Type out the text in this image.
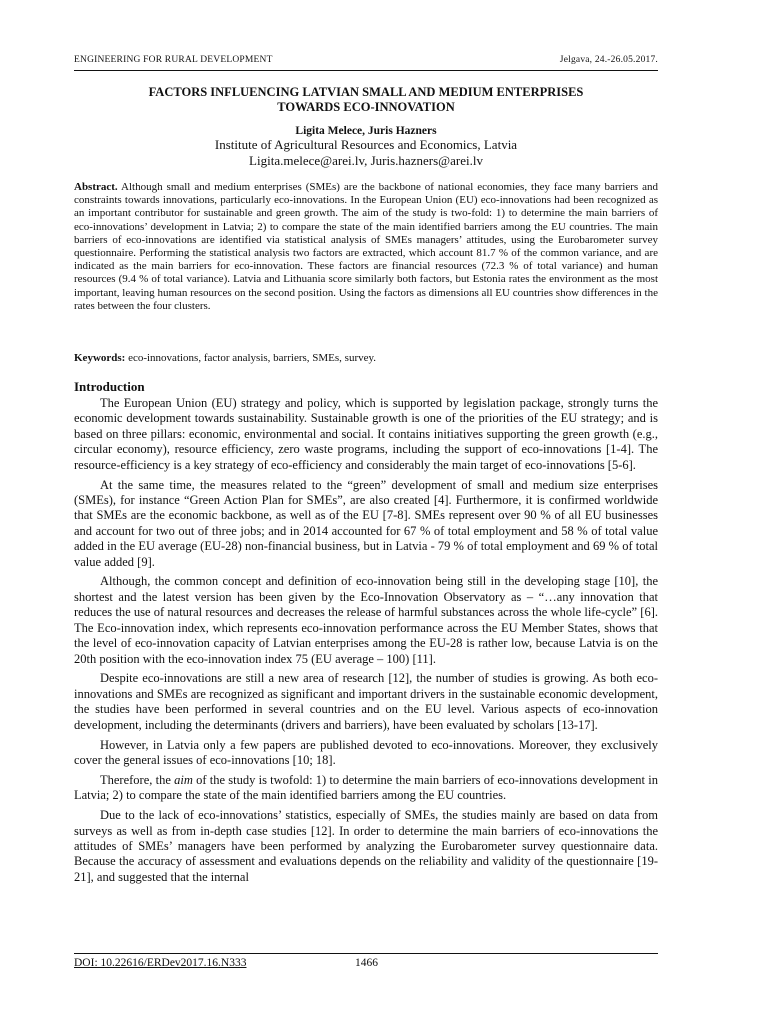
ENGINEERING FOR RURAL DEVELOPMENT	Jelgava, 24.-26.05.2017.
FACTORS INFLUENCING LATVIAN SMALL AND MEDIUM ENTERPRISES
TOWARDS ECO-INNOVATION
Ligita Melece, Juris Hazners
Institute of Agricultural Resources and Economics, Latvia
Ligita.melece@arei.lv, Juris.hazners@arei.lv
Abstract. Although small and medium enterprises (SMEs) are the backbone of national economies, they face many barriers and constraints towards innovations, particularly eco-innovations. In the European Union (EU) eco-innovations had been recognized as an important contributor for sustainable and green growth. The aim of the study is two-fold: 1) to determine the main barriers of eco-innovations’ development in Latvia; 2) to compare the state of the main identified barriers among the EU countries. The main barriers of eco-innovations are identified via statistical analysis of SMEs managers’ attitudes, using the Eurobarometer survey questionnaire. Performing the statistical analysis two factors are extracted, which account 81.7 % of the common variance, and are indicated as the main barriers for eco-innovation. These factors are financial resources (72.3 % of total variance) and human resources (9.4 % of total variance). Latvia and Lithuania score similarly both factors, but Estonia rates the environment as the most important, leaving human resources on the second position. Using the factors as dimensions all EU countries show differences in the rates between the four clusters.
Keywords: eco-innovations, factor analysis, barriers, SMEs, survey.
Introduction

The European Union (EU) strategy and policy, which is supported by legislation package, strongly turns the economic development towards sustainability. Sustainable growth is one of the priorities of the EU strategy; and is based on three pillars: economic, environmental and social. It contains initiatives supporting the green growth (e.g., circular economy), resource efficiency, zero waste programs, including the support of eco-innovations [1-4]. The resource-efficiency is a key strategy of eco-efficiency and considerably the main target of eco-innovations [5-6].

At the same time, the measures related to the “green” development of small and medium size enterprises (SMEs), for instance “Green Action Plan for SMEs”, are also created [4]. Furthermore, it is confirmed worldwide that SMEs are the economic backbone, as well as of the EU [7-8]. SMEs represent over 90 % of all EU businesses and account for two out of three jobs; and in 2014 accounted for 67 % of total employment and 58 % of total value added in the EU average (EU-28) non-financial business, but in Latvia - 79 % of total employment and 69 % of total value added [9].

Although, the common concept and definition of eco-innovation being still in the developing stage [10], the shortest and the latest version has been given by the Eco-Innovation Observatory as – “…any innovation that reduces the use of natural resources and decreases the release of harmful substances across the whole life-cycle” [6]. The Eco-innovation index, which represents eco-innovation performance across the EU Member States, shows that the level of eco-innovation capacity of Latvian enterprises among the EU-28 is rather low, because Latvia is on the 20th position with the eco-innovation index 75 (EU average – 100) [11].

Despite eco-innovations are still a new area of research [12], the number of studies is growing. As both eco-innovations and SMEs are recognized as significant and important drivers in the sustainable economic development, the studies have been performed in several countries and on the EU level. Various aspects of eco-innovation development, including the determinants (drivers and barriers), have been evaluated by scholars [13-17].

However, in Latvia only a few papers are published devoted to eco-innovations. Moreover, they exclusively cover the general issues of eco-innovations [10; 18].

Therefore, the aim of the study is twofold: 1) to determine the main barriers of eco-innovations development in Latvia; 2) to compare the state of the main identified barriers among the EU countries.

Due to the lack of eco-innovations’ statistics, especially of SMEs, the studies mainly are based on data from surveys as well as from in-depth case studies [12]. In order to determine the main barriers of eco-innovations the attitudes of SMEs’ managers have been performed by analyzing the Eurobarometer survey questionnaire data. Because the accuracy of assessment and evaluations depends on the reliability and validity of the questionnaire [19-21], and suggested that the internal

DOI: 10.22616/ERDev2017.16.N333	1466
